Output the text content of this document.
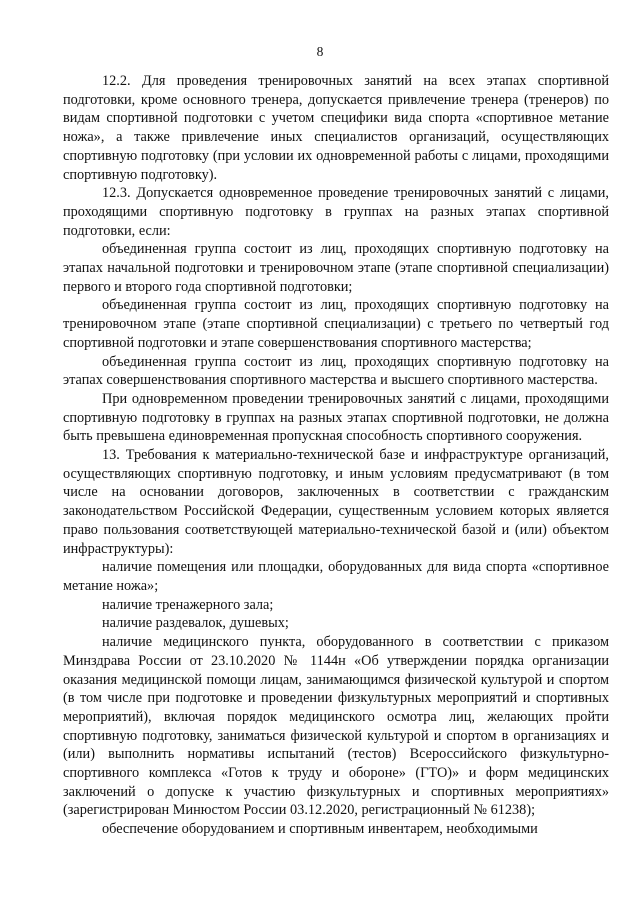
8

12.2. Для проведения тренировочных занятий на всех этапах спортивной подготовки, кроме основного тренера, допускается привлечение тренера (тренеров) по видам спортивной подготовки с учетом специфики вида спорта «спортивное метание ножа», а также привлечение иных специалистов организаций, осуществляющих спортивную подготовку (при условии их одновременной работы с лицами, проходящими спортивную подготовку).

12.3. Допускается одновременное проведение тренировочных занятий с лицами, проходящими спортивную подготовку в группах на разных этапах спортивной подготовки, если:

объединенная группа состоит из лиц, проходящих спортивную подготовку на этапах начальной подготовки и тренировочном этапе (этапе спортивной специализации) первого и второго года спортивной подготовки;

объединенная группа состоит из лиц, проходящих спортивную подготовку на тренировочном этапе (этапе спортивной специализации) с третьего по четвертый год спортивной подготовки и этапе совершенствования спортивного мастерства;

объединенная группа состоит из лиц, проходящих спортивную подготовку на этапах совершенствования спортивного мастерства и высшего спортивного мастерства.

При одновременном проведении тренировочных занятий с лицами, проходящими спортивную подготовку в группах на разных этапах спортивной подготовки, не должна быть превышена единовременная пропускная способность спортивного сооружения.

13. Требования к материально-технической базе и инфраструктуре организаций, осуществляющих спортивную подготовку, и иным условиям предусматривают (в том числе на основании договоров, заключенных в соответствии с гражданским законодательством Российской Федерации, существенным условием которых является право пользования соответствующей материально-технической базой и (или) объектом инфраструктуры):

наличие помещения или площадки, оборудованных для вида спорта «спортивное метание ножа»;

наличие тренажерного зала;

наличие раздевалок, душевых;

наличие медицинского пункта, оборудованного в соответствии с приказом Минздрава России от 23.10.2020 № 1144н «Об утверждении порядка организации оказания медицинской помощи лицам, занимающимся физической культурой и спортом (в том числе при подготовке и проведении физкультурных мероприятий и спортивных мероприятий), включая порядок медицинского осмотра лиц, желающих пройти спортивную подготовку, заниматься физической культурой и спортом в организациях и (или) выполнить нормативы испытаний (тестов) Всероссийского физкультурно-спортивного комплекса «Готов к труду и обороне» (ГТО)» и форм медицинских заключений о допуске к участию физкультурных и спортивных мероприятиях» (зарегистрирован Минюстом России 03.12.2020, регистрационный № 61238);

обеспечение оборудованием и спортивным инвентарем, необходимыми
